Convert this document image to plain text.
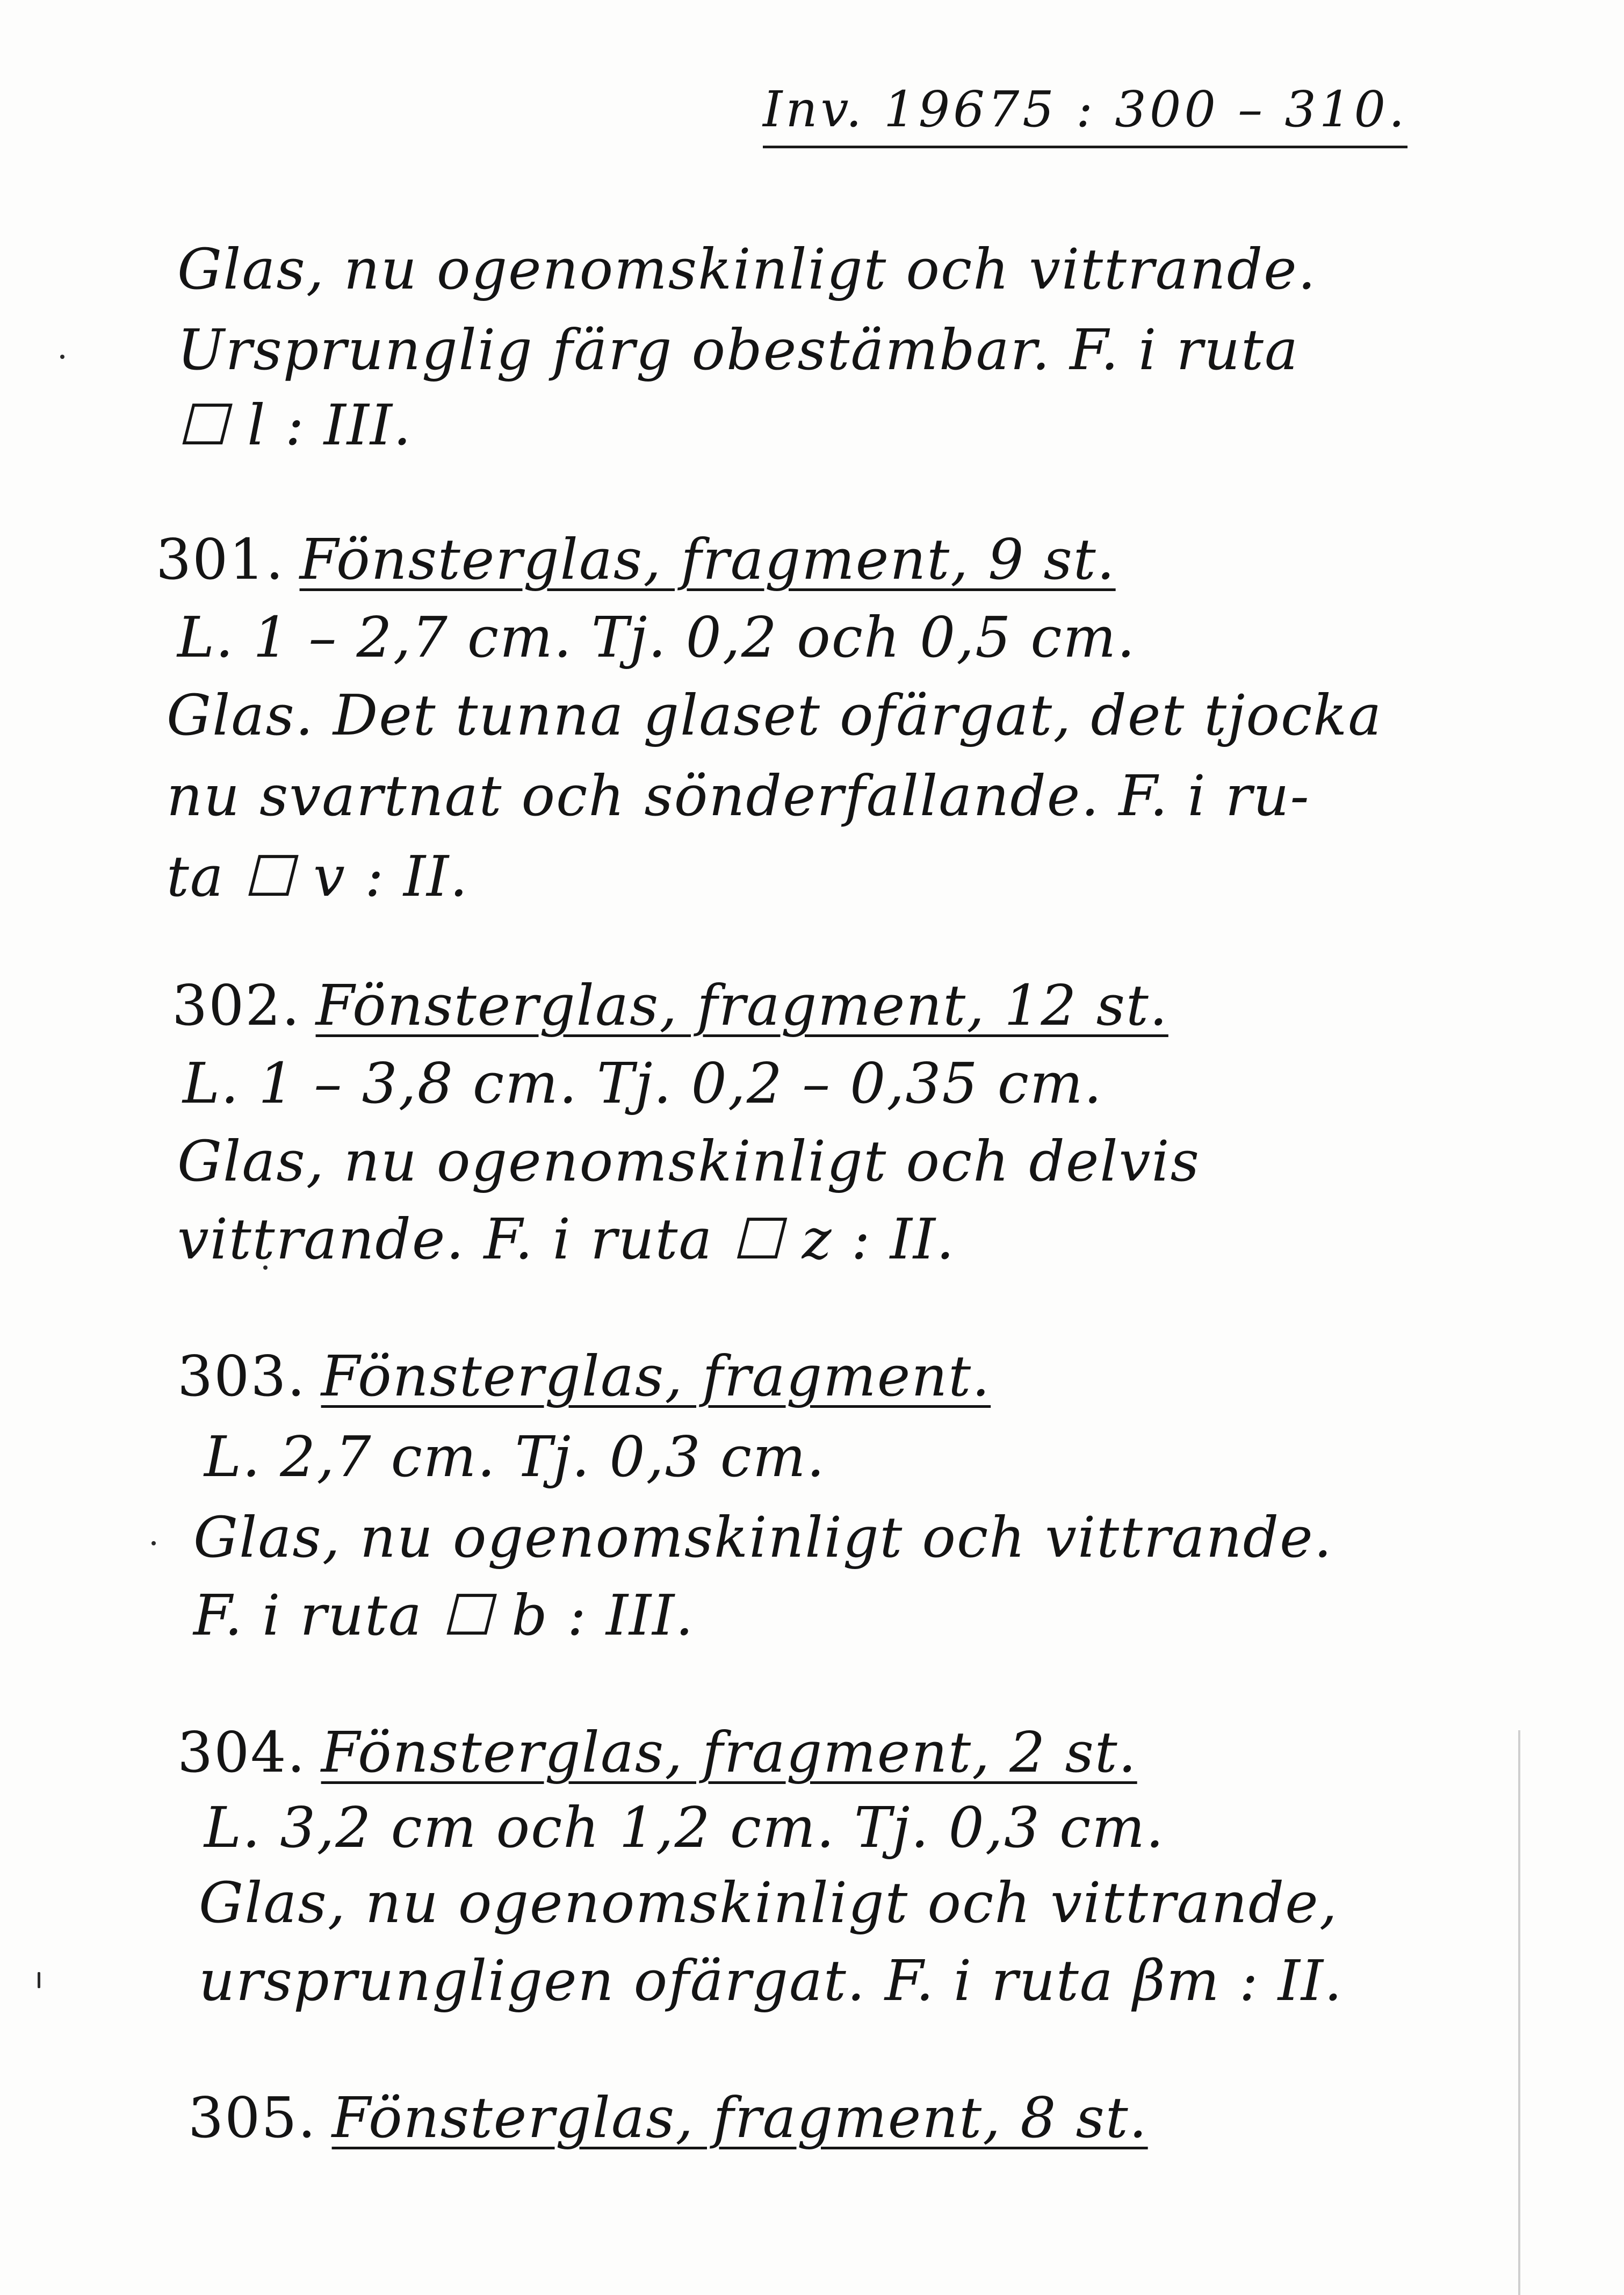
Inv. 19675 : 300 – 310.
Glas, nu ogenomskinligt och vittrande.
Ursprunglig färg obestämbar. F. i ruta
☐ l : III.
301. Fönsterglas, fragment, 9 st.
L. 1 – 2,7 cm. Tj. 0,2 och 0,5 cm.
Glas. Det tunna glaset ofärgat, det tjocka
nu svartnat och sönderfallande. F. i ru-
ta ☐ v : II.
302. Fönsterglas, fragment, 12 st.
L. 1 – 3,8 cm. Tj. 0,2 – 0,35 cm.
Glas, nu ogenomskinligt och delvis
vittrande. F. i ruta ☐ z : II.
303. Fönsterglas, fragment.
L. 2,7 cm. Tj. 0,3 cm.
Glas, nu ogenomskinligt och vittrande.
F. i ruta ☐ b : III.
304. Fönsterglas, fragment, 2 st.
L. 3,2 cm och 1,2 cm. Tj. 0,3 cm.
Glas, nu ogenomskinligt och vittrande,
ursprungligen ofärgat. F. i ruta βm : II.
305. Fönsterglas, fragment, 8 st.
